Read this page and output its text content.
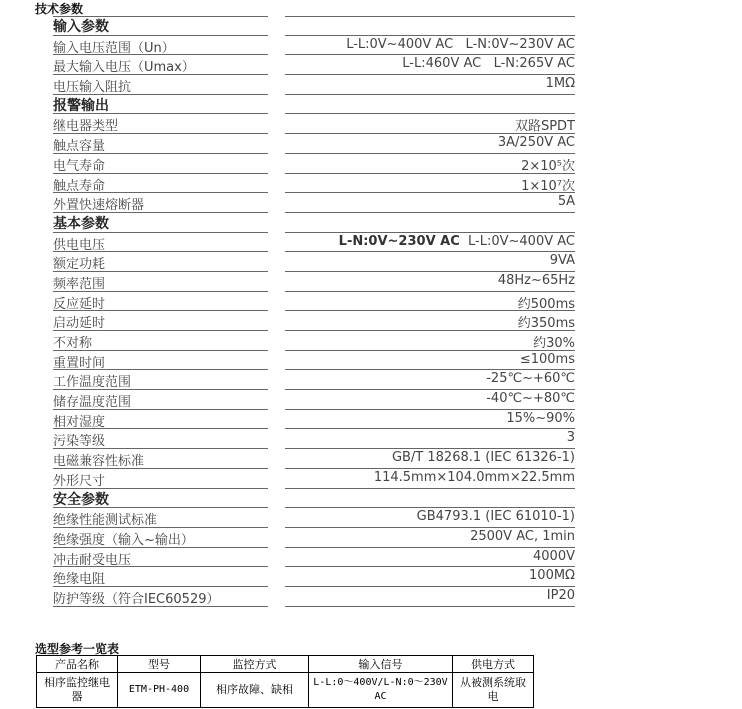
技术参数
输入参数
输入电压范围（Un）	L-L:0V~400V AC   L-N:0V~230V AC
最大输入电压（Umax）	L-L:460V AC   L-N:265V AC
电压输入阻抗	1MΩ
报警输出
继电器类型	双路SPDT
触点容量	3A/250V AC
电气寿命	2×10⁵次
触点寿命	1×10⁷次
外置快速熔断器	5A
基本参数
供电电压	L-N:0V~230V AC  L-L:0V~400V AC
额定功耗	9VA
频率范围	48Hz~65Hz
反应延时	约500ms
启动延时	约350ms
不对称	约30%
重置时间	≤100ms
工作温度范围	-25℃~+60℃
储存温度范围	-40℃~+80℃
相对湿度	15%~90%
污染等级	3
电磁兼容性标准	GB/T 18268.1 (IEC 61326-1)
外形尺寸	114.5mm×104.0mm×22.5mm
安全参数
绝缘性能测试标准	GB4793.1 (IEC 61010-1)
绝缘强度（输入~输出）	2500V AC, 1min
冲击耐受电压	4000V
绝缘电阻	100MΩ
防护等级（符合IEC60529）	IP20
选型参考一览表
产品名称	型号	监控方式	输入信号	供电方式
相序监控继电器	ETM-PH-400	相序故障、缺相	L-L:0～400V/L-N:0～230V AC	从被测系统取电
